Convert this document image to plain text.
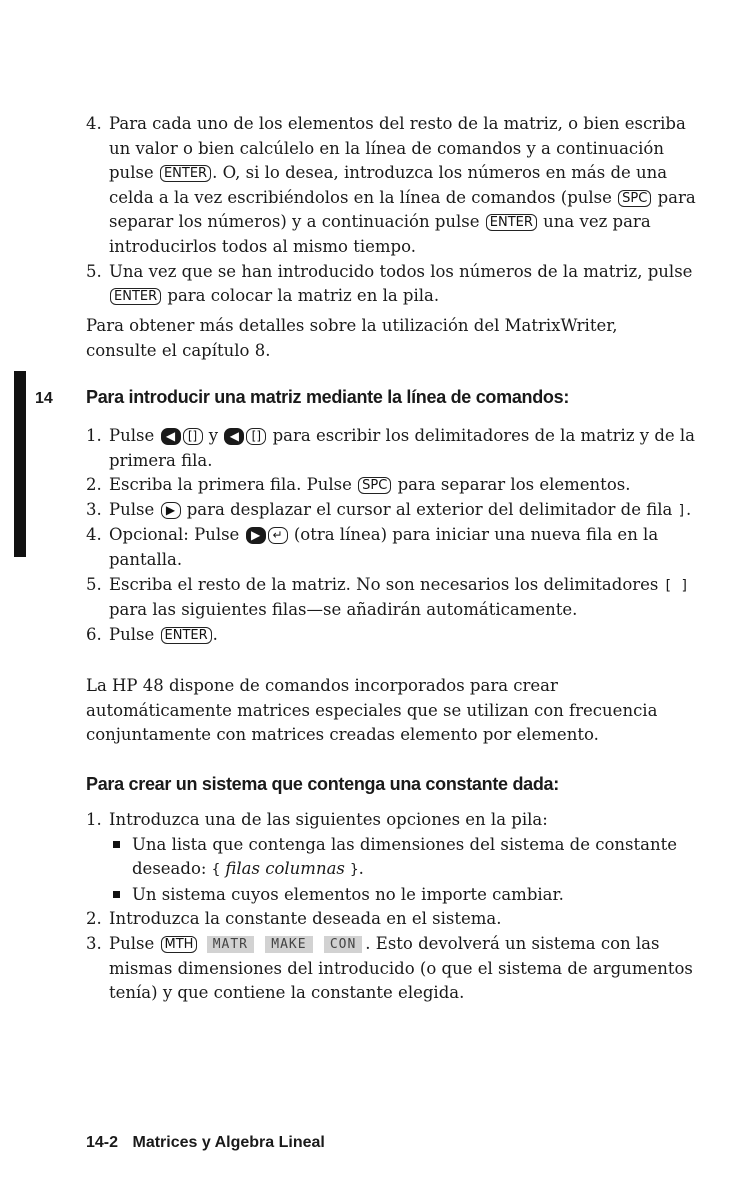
4. Para cada uno de los elementos del resto de la matriz, o bien escriba un valor o bien calcúlelo en la línea de comandos y a continuación pulse ENTER . O, si lo desea, introduzca los números en más de una celda a la vez escribiéndolos en la línea de comandos (pulse SPC para separar los números) y a continuación pulse ENTER una vez para introducirlos todos al mismo tiempo.
5. Una vez que se han introducido todos los números de la matriz, pulse ENTER para colocar la matriz en la pila.

Para obtener más detalles sobre la utilización del MatrixWriter, consulte el capítulo 8.

14 Para introducir una matriz mediante la línea de comandos:
1. Pulse ◀ [] y ◀ [] para escribir los delimitadores de la matriz y de la primera fila.
2. Escriba la primera fila. Pulse SPC para separar los elementos.
3. Pulse ▶ para desplazar el cursor al exterior del delimitador de fila ].
4. Opcional: Pulse ▶ ↵ (otra línea) para iniciar una nueva fila en la pantalla.
5. Escriba el resto de la matriz. No son necesarios los delimitadores [ ] para las siguientes filas—se añadirán automáticamente.
6. Pulse ENTER .

La HP 48 dispone de comandos incorporados para crear automáticamente matrices especiales que se utilizan con frecuencia conjuntamente con matrices creadas elemento por elemento.

Para crear un sistema que contenga una constante dada:
1. Introduzca una de las siguientes opciones en la pila:
Una lista que contenga las dimensiones del sistema de constante deseado: { filas columnas }.
Un sistema cuyos elementos no le importe cambiar.
2. Introduzca la constante deseada en el sistema.
3. Pulse MTH MATR MAKE CON . Esto devolverá un sistema con las mismas dimensiones del introducido (o que el sistema de argumentos tenía) y que contiene la constante elegida.
14-2 Matrices y Algebra Lineal
